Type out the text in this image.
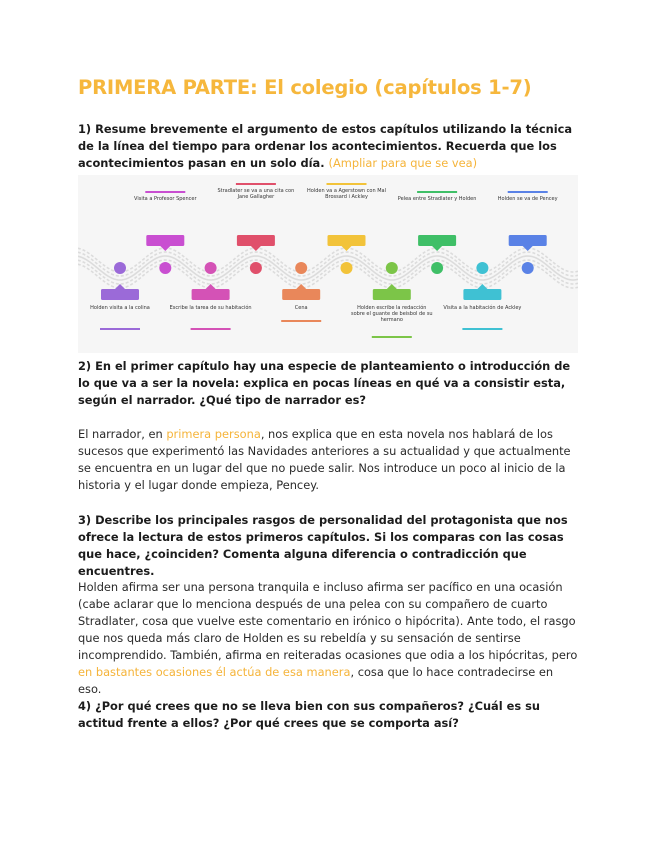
PRIMERA PARTE: El colegio (capítulos 1-7)

1) Resume brevemente el argumento de estos capítulos utilizando la técnica de la línea del tiempo para ordenar los acontecimientos. Recuerda que los acontecimientos pasan en un solo día. (Ampliar para que se vea)

Holden visita a la colina
Visita a Profesor Spencer
Escribe la tarea de su habitación
Stradlater se va a una cita con Jane Gallagher
Cena
Holden va a Agerstown con Mal Brossard i Ackley
Holden escribe la redacción sobre el guante de beisbol de su hermano
Pelea entre Stradlater y Holden
Visita a la habitación de Ackley
Holden se va de Pencey

2) En el primer capítulo hay una especie de planteamiento o introducción de lo que va a ser la novela: explica en pocas líneas en qué va a consistir esta, según el narrador. ¿Qué tipo de narrador es?

El narrador, en primera persona, nos explica que en esta novela nos hablará de los sucesos que experimentó las Navidades anteriores a su actualidad y que actualmente se encuentra en un lugar del que no puede salir. Nos introduce un poco al inicio de la historia y el lugar donde empieza, Pencey.

3) Describe los principales rasgos de personalidad del protagonista que nos ofrece la lectura de estos primeros capítulos. Si los comparas con las cosas que hace, ¿coinciden? Comenta alguna diferencia o contradicción que encuentres.

Holden afirma ser una persona tranquila e incluso afirma ser pacífico en una ocasión (cabe aclarar que lo menciona después de una pelea con su compañero de cuarto Stradlater, cosa que vuelve este comentario en irónico o hipócrita). Ante todo, el rasgo que nos queda más claro de Holden es su rebeldía y su sensación de sentirse incomprendido. También, afirma en reiteradas ocasiones que odia a los hipócritas, pero en bastantes ocasiones él actúa de esa manera, cosa que lo hace contradecirse en eso.

4) ¿Por qué crees que no se lleva bien con sus compañeros? ¿Cuál es su actitud frente a ellos? ¿Por qué crees que se comporta así?
